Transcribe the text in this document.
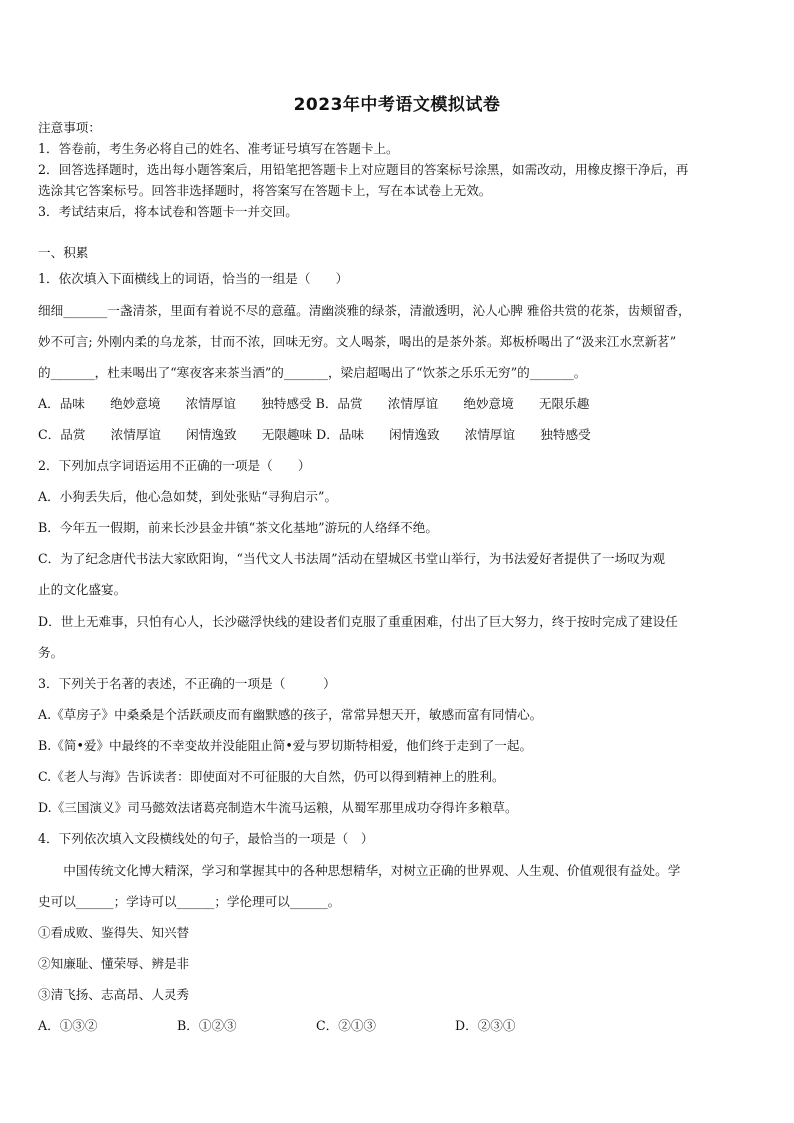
2023年中考语文模拟试卷
注意事项：
1．答卷前，考生务必将自己的姓名、准考证号填写在答题卡上。
2．回答选择题时，选出每小题答案后，用铅笔把答题卡上对应题目的答案标号涂黑，如需改动，用橡皮擦干净后，再
选涂其它答案标号。回答非选择题时，将答案写在答题卡上，写在本试卷上无效。
3．考试结束后，将本试卷和答题卡一并交回。
一、积累
1．依次填入下面横线上的词语，恰当的一组是（　　）
细细_______一盏清茶，里面有着说不尽的意蕴。清幽淡雅的绿茶，清澈透明，沁人心脾 雅俗共赏的花茶，齿颊留香，
妙不可言; 外刚内柔的乌龙茶，甘而不浓，回味无穷。文人喝茶，喝出的是茶外茶。郑板桥喝出了“汲来江水烹新茗”
的_______，杜耒喝出了“寒夜客来茶当酒”的_______，梁启超喝出了“饮茶之乐乐无穷”的_______。
A．品味　　绝妙意境　　浓情厚谊　　独特感受 B．品赏　　浓情厚谊　　绝妙意境　　无限乐趣
C．品赏　　浓情厚谊　　闲情逸致　　无限趣味 D．品味　　闲情逸致　　浓情厚谊　　独特感受
2．下列加点字词语运用不正确的一项是（　　）
A．小狗丢失后，他心急如焚，到处张贴“寻狗启示”。
B．今年五一假期，前来长沙县金井镇“茶文化基地”游玩的人络绎不绝。
C．为了纪念唐代书法大家欧阳询，“当代文人书法周”活动在望城区书堂山举行，为书法爱好者提供了一场叹为观
止的文化盛宴。
D．世上无难事，只怕有心人，长沙磁浮快线的建设者们克服了重重困难，付出了巨大努力，终于按时完成了建设任
务。
3．下列关于名著的表述，不正确的一项是（　　　）
A.《草房子》中桑桑是个活跃顽皮而有幽默感的孩子，常常异想天开，敏感而富有同情心。
B.《简•爱》中最终的不幸变故并没能阻止简•爱与罗切斯特相爱，他们终于走到了一起。
C.《老人与海》告诉读者：即使面对不可征服的大自然，仍可以得到精神上的胜利。
D.《三国演义》司马懿效法诸葛亮制造木牛流马运粮，从蜀军那里成功夺得许多粮草。
4．下列依次填入文段横线处的句子，最恰当的一项是（　）
　　中国传统文化博大精深，学习和掌握其中的各种思想精华，对树立正确的世界观、人生观、价值观很有益处。学
史可以______；学诗可以______；学伦理可以______。
①看成败、鉴得失、知兴替
②知廉耻、懂荣辱、辨是非
③清飞扬、志高昂、人灵秀
A．①③②	B．①②③	C．②①③	D．②③①
